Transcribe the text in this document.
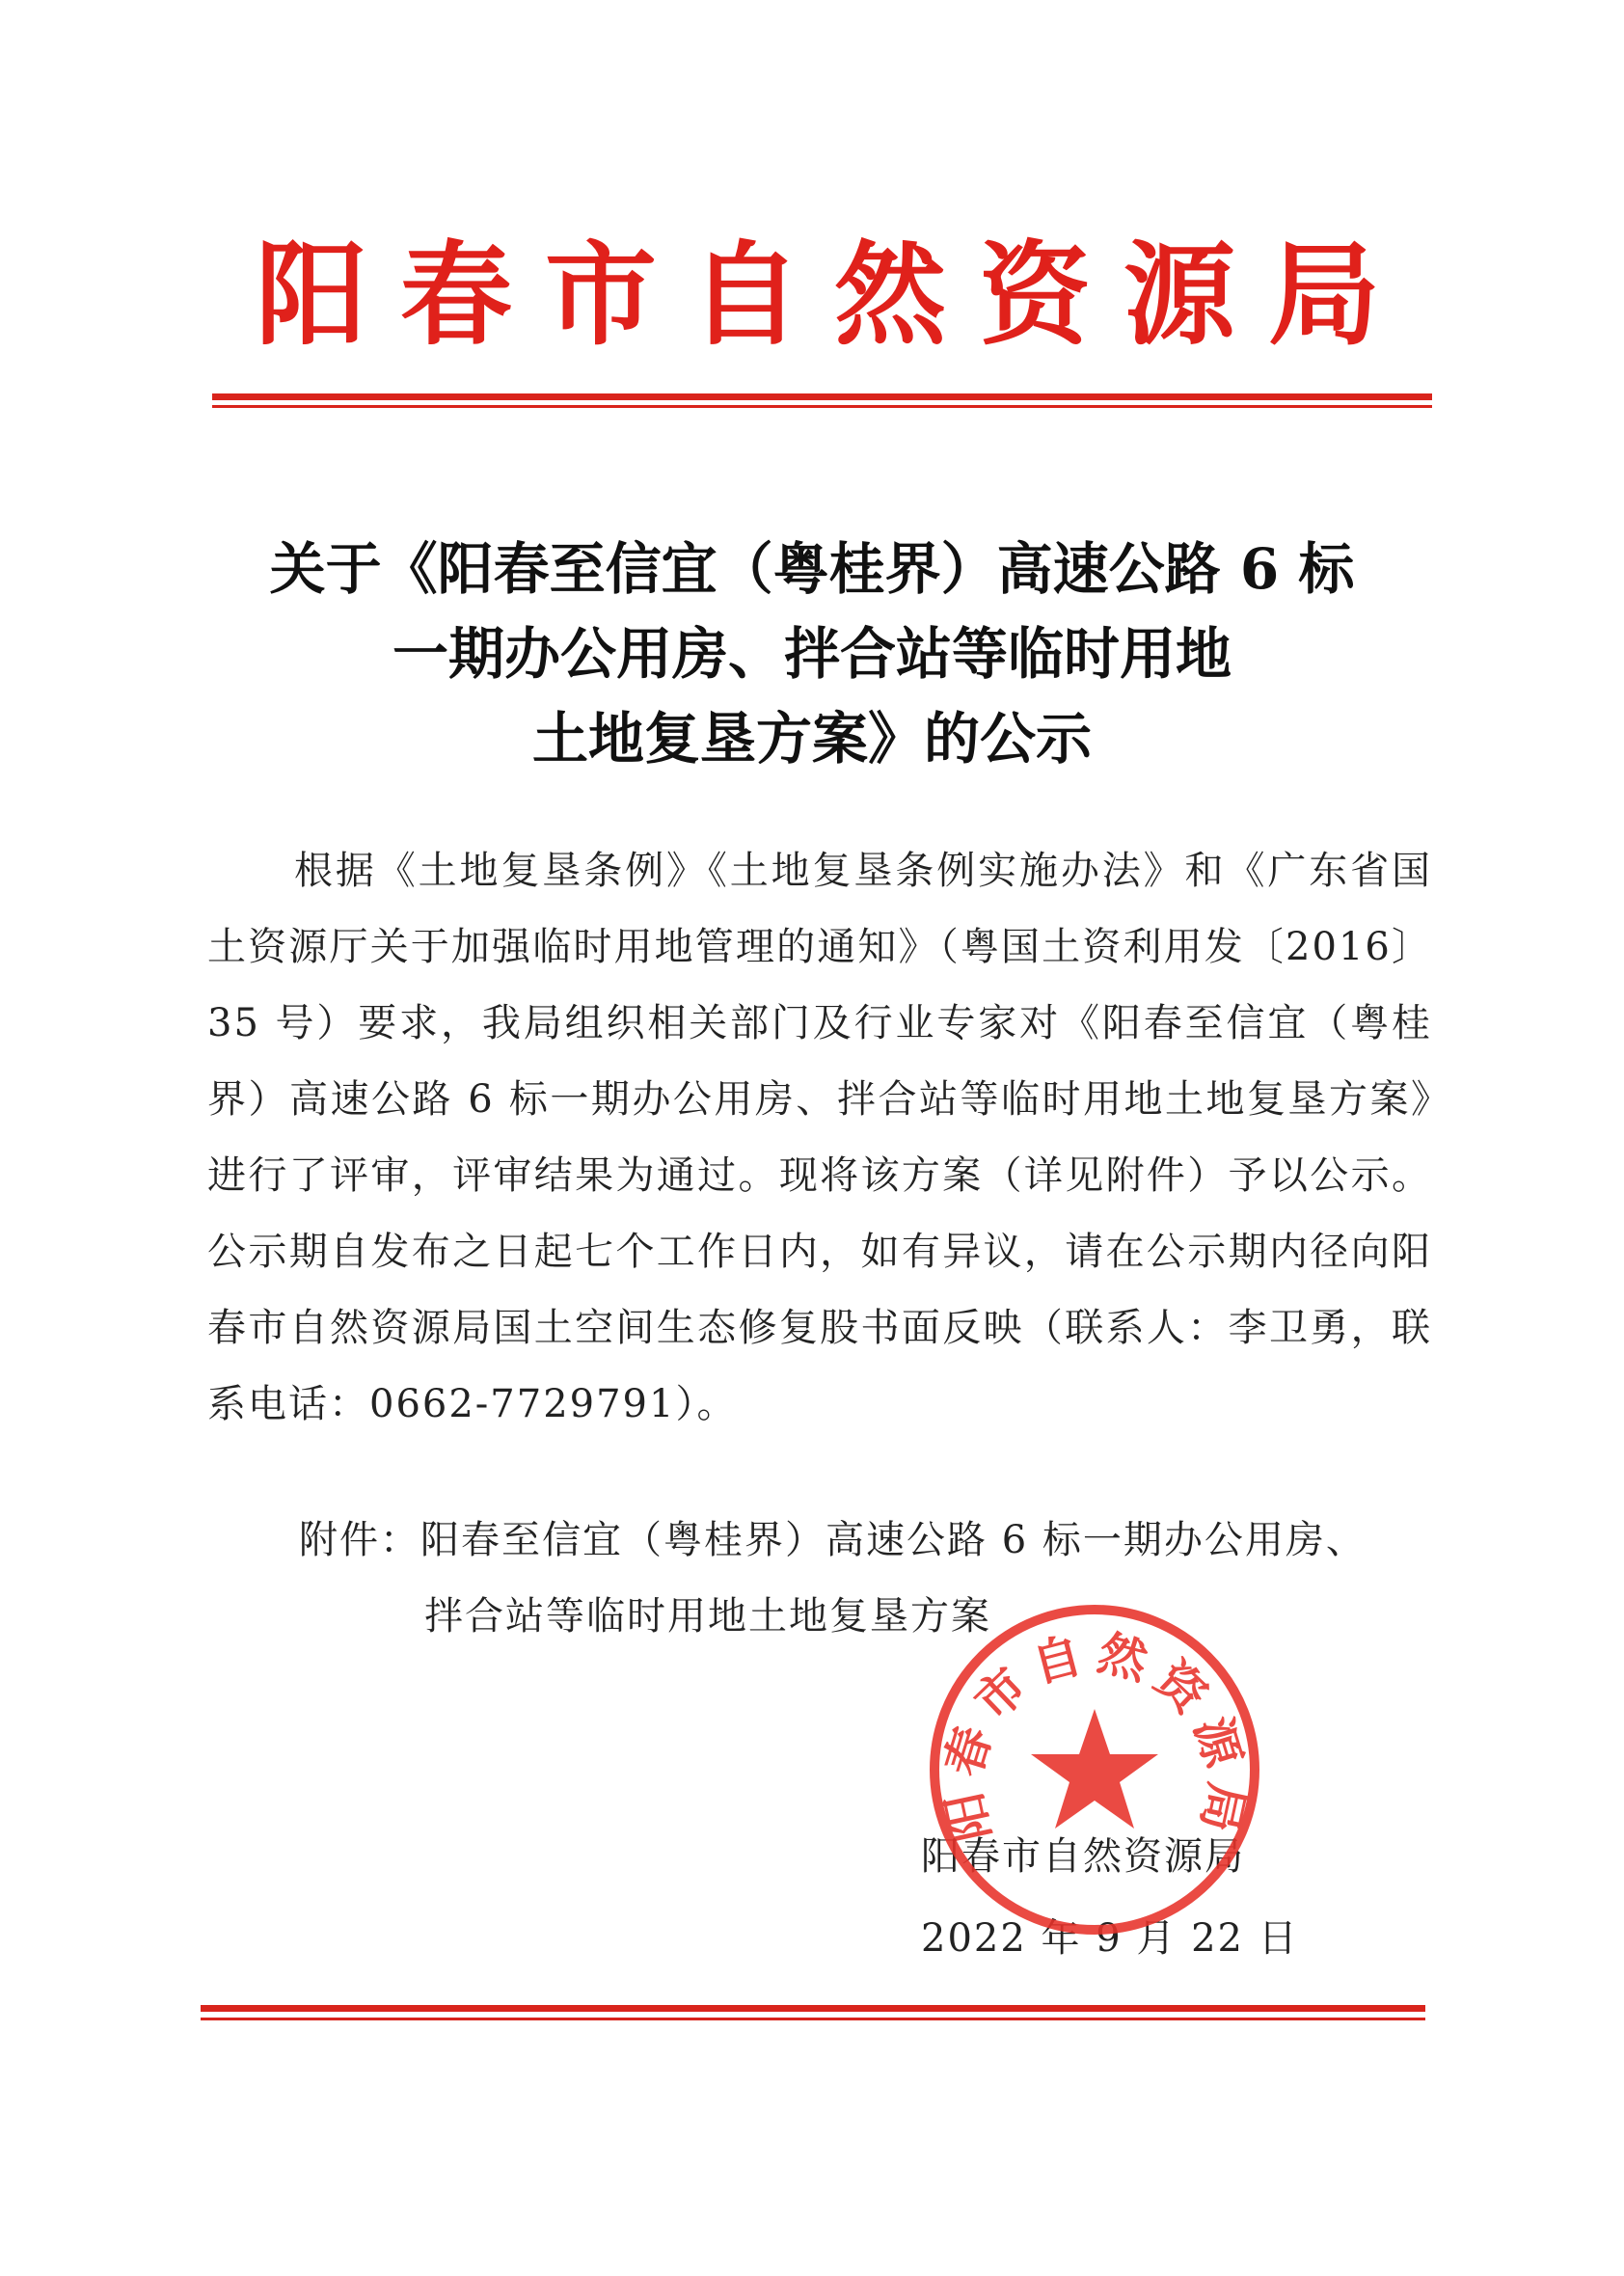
阳春市自然资源局
关于《阳春至信宜（粤桂界）高速公路 6 标
一期办公用房、拌合站等临时用地
土地复垦方案》的公示
根据《土地复垦条例》《土地复垦条例实施办法》和《广东省国土资源厅关于加强临时用地管理的通知》（粤国土资利用发〔2016〕35 号）要求，我局组织相关部门及行业专家对《阳春至信宜（粤桂界）高速公路 6 标一期办公用房、拌合站等临时用地土地复垦方案》进行了评审，评审结果为通过。现将该方案（详见附件）予以公示。公示期自发布之日起七个工作日内，如有异议，请在公示期内径向阳春市自然资源局国土空间生态修复股书面反映（联系人：李卫勇，联系电话：0662-7729791）。
附件：阳春至信宜（粤桂界）高速公路 6 标一期办公用房、
拌合站等临时用地土地复垦方案
阳春市自然资源局
阳春市自然资源局
2022 年 9 月 22 日
